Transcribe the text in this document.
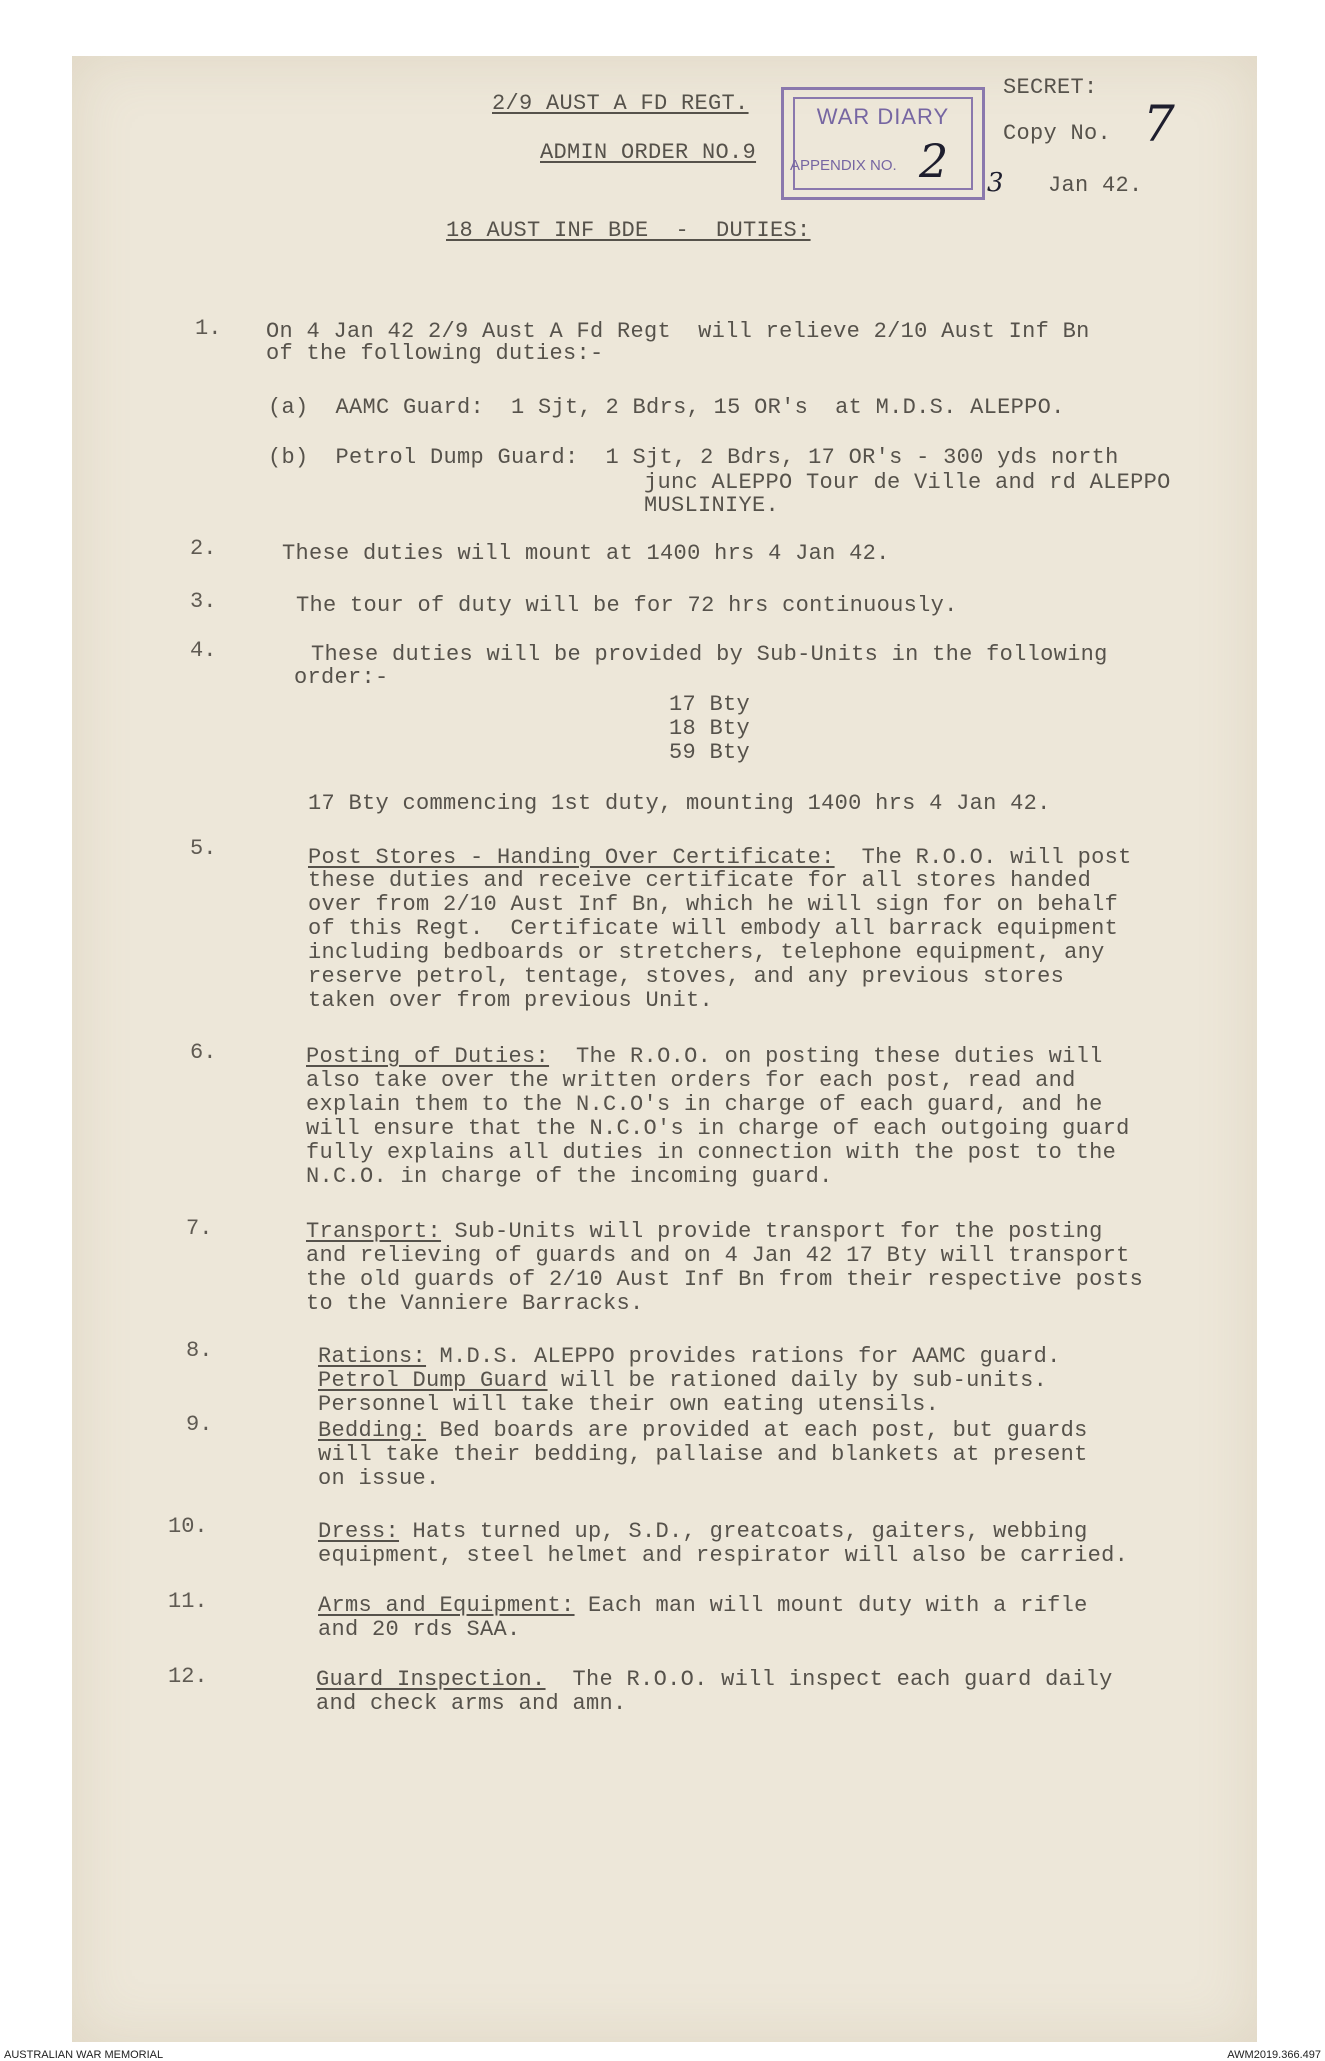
2/9 AUST A FD REGT.
ADMIN ORDER NO.9
SECRET:
Copy No. 7
3 Jan 42.
WAR DIARY
APPENDIX NO. 2
18 AUST INF BDE  -  DUTIES:
1. On 4 Jan 42 2/9 Aust A Fd Regt  will relieve 2/10 Aust Inf Bn
of the following duties:-
(a)  AAMC Guard:  1 Sjt, 2 Bdrs, 15 OR's  at M.D.S. ALEPPO.
(b)  Petrol Dump Guard:  1 Sjt, 2 Bdrs, 17 OR's - 300 yds north
junc ALEPPO Tour de Ville and rd ALEPPO
MUSLINIYE.
2.	These duties will mount at 1400 hrs 4 Jan 42.
3.	The tour of duty will be for 72 hrs continuously.
4.	These duties will be provided by Sub-Units in the following
order:-
17 Bty
18 Bty
59 Bty
17 Bty commencing 1st duty, mounting 1400 hrs 4 Jan 42.
5.	Post Stores - Handing Over Certificate:  The R.O.O. will post
these duties and receive certificate for all stores handed
over from 2/10 Aust Inf Bn, which he will sign for on behalf
of this Regt.  Certificate will embody all barrack equipment
including bedboards or stretchers, telephone equipment, any
reserve petrol, tentage, stoves, and any previous stores
taken over from previous Unit.
6.	Posting of Duties:  The R.O.O. on posting these duties will
also take over the written orders for each post, read and
explain them to the N.C.O's in charge of each guard, and he
will ensure that the N.C.O's in charge of each outgoing guard
fully explains all duties in connection with the post to the
N.C.O. in charge of the incoming guard.
7.	Transport: Sub-Units will provide transport for the posting
and relieving of guards and on 4 Jan 42 17 Bty will transport
the old guards of 2/10 Aust Inf Bn from their respective posts
to the Vanniere Barracks.
8.	Rations: M.D.S. ALEPPO provides rations for AAMC guard.
Petrol Dump Guard will be rationed daily by sub-units.
Personnel will take their own eating utensils.
9.	Bedding: Bed boards are provided at each post, but guards
will take their bedding, pallaise and blankets at present
on issue.
10.	Dress: Hats turned up, S.D., greatcoats, gaiters, webbing
equipment, steel helmet and respirator will also be carried.
11.	Arms and Equipment: Each man will mount duty with a rifle
and 20 rds SAA.
12.	Guard Inspection.  The R.O.O. will inspect each guard daily
and check arms and amn.
AUSTRALIAN WAR MEMORIAL	AWM2019.366.497
